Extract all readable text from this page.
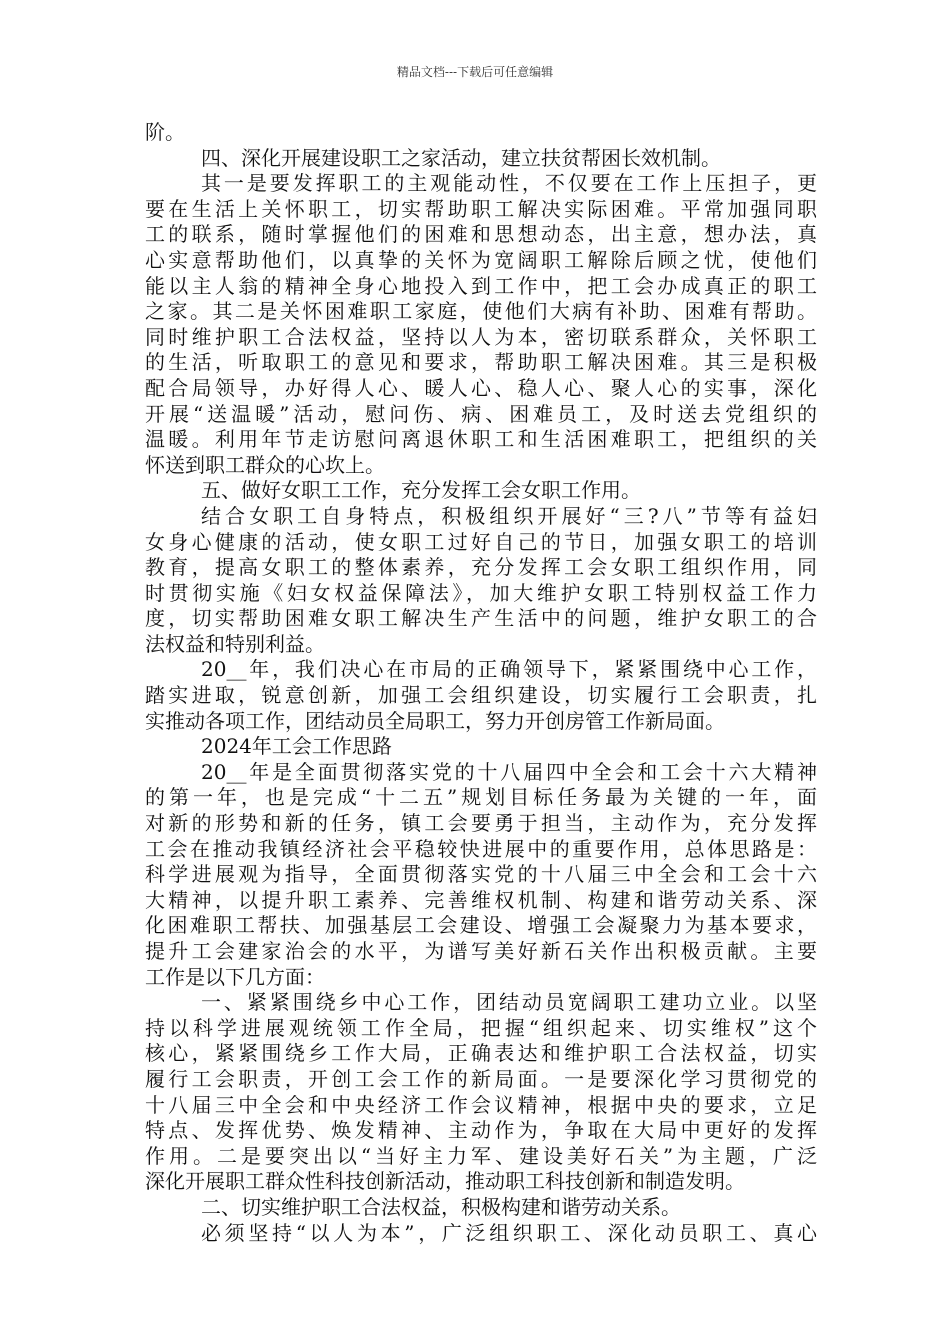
精品文档---下载后可任意编辑
阶。
四、深化开展建设职工之家活动，建立扶贫帮困长效机制。
其一是要发挥职工的主观能动性，不仅要在工作上压担子，更
要在生活上关怀职工，切实帮助职工解决实际困难。平常加强同职
工的联系，随时掌握他们的困难和思想动态，出主意，想办法，真
心实意帮助他们，以真挚的关怀为宽阔职工解除后顾之忧，使他们
能以主人翁的精神全身心地投入到工作中，把工会办成真正的职工
之家。其二是关怀困难职工家庭，使他们大病有补助、困难有帮助。
同时维护职工合法权益，坚持以人为本，密切联系群众，关怀职工
的生活，听取职工的意见和要求，帮助职工解决困难。其三是积极
配合局领导，办好得人心、暖人心、稳人心、聚人心的实事，深化
开展“送温暖”活动，慰问伤、病、困难员工，及时送去党组织的
温暖。利用年节走访慰问离退休职工和生活困难职工，把组织的关
怀送到职工群众的心坎上。
五、做好女职工工作，充分发挥工会女职工作用。
结合女职工自身特点，积极组织开展好“三?八”节等有益妇
女身心健康的活动，使女职工过好自己的节日，加强女职工的培训
教育，提高女职工的整体素养，充分发挥工会女职工组织作用，同
时贯彻实施《妇女权益保障法》，加大维护女职工特别权益工作力
度，切实帮助困难女职工解决生产生活中的问题，维护女职工的合
法权益和特别利益。
20__年，我们决心在市局的正确领导下，紧紧围绕中心工作，
踏实进取，锐意创新，加强工会组织建设，切实履行工会职责，扎
实推动各项工作，团结动员全局职工，努力开创房管工作新局面。
2024年工会工作思路
20__年是全面贯彻落实党的十八届四中全会和工会十六大精神
的第一年，也是完成“十二五”规划目标任务最为关键的一年，面
对新的形势和新的任务，镇工会要勇于担当，主动作为，充分发挥
工会在推动我镇经济社会平稳较快进展中的重要作用，总体思路是：
科学进展观为指导，全面贯彻落实党的十八届三中全会和工会十六
大精神，以提升职工素养、完善维权机制、构建和谐劳动关系、深
化困难职工帮扶、加强基层工会建设、增强工会凝聚力为基本要求，
提升工会建家治会的水平，为谱写美好新石关作出积极贡献。主要
工作是以下几方面：
一、紧紧围绕乡中心工作，团结动员宽阔职工建功立业。以坚
持以科学进展观统领工作全局，把握“组织起来、切实维权”这个
核心，紧紧围绕乡工作大局，正确表达和维护职工合法权益，切实
履行工会职责，开创工会工作的新局面。一是要深化学习贯彻党的
十八届三中全会和中央经济工作会议精神，根据中央的要求，立足
特点、发挥优势、焕发精神、主动作为，争取在大局中更好的发挥
作用。二是要突出以“当好主力军、建设美好石关”为主题，广泛
深化开展职工群众性科技创新活动，推动职工科技创新和制造发明。
二、切实维护职工合法权益，积极构建和谐劳动关系。
必须坚持“以人为本”，广泛组织职工、深化动员职工、真心
